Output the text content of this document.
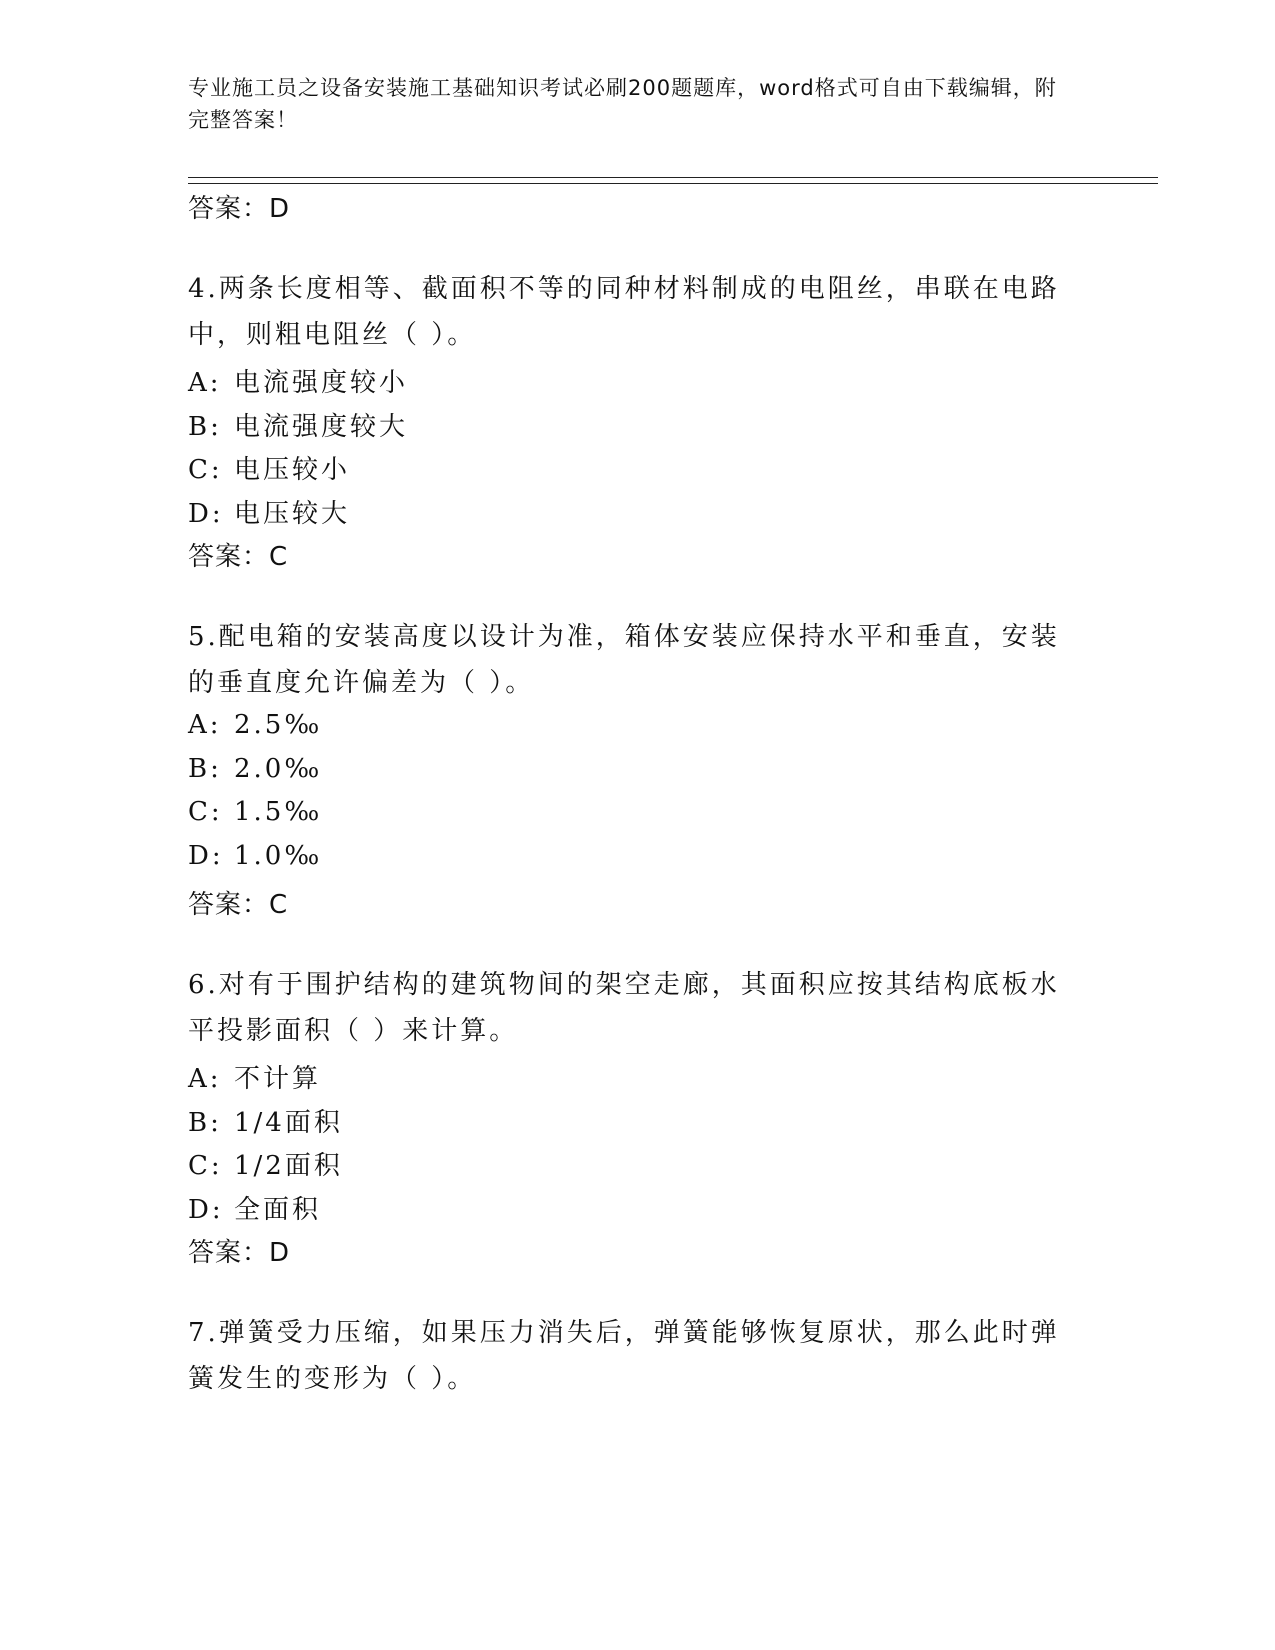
专业施工员之设备安装施工基础知识考试必刷200题题库，word格式可自由下载编辑，附完整答案！
答案：D
4.两条长度相等、截面积不等的同种材料制成的电阻丝，串联在电路中，则粗电阻丝（ ）。
A: 电流强度较小
B: 电流强度较大
C: 电压较小
D: 电压较大
答案：C
5.配电箱的安装高度以设计为准，箱体安装应保持水平和垂直，安装的垂直度允许偏差为（ ）。
A: 2.5‰
B: 2.0‰
C: 1.5‰
D: 1.0‰
答案：C
6.对有于围护结构的建筑物间的架空走廊，其面积应按其结构底板水平投影面积（ ）来计算。
A: 不计算
B: 1/4面积
C: 1/2面积
D: 全面积
答案：D
7.弹簧受力压缩，如果压力消失后，弹簧能够恢复原状，那么此时弹簧发生的变形为（ ）。
